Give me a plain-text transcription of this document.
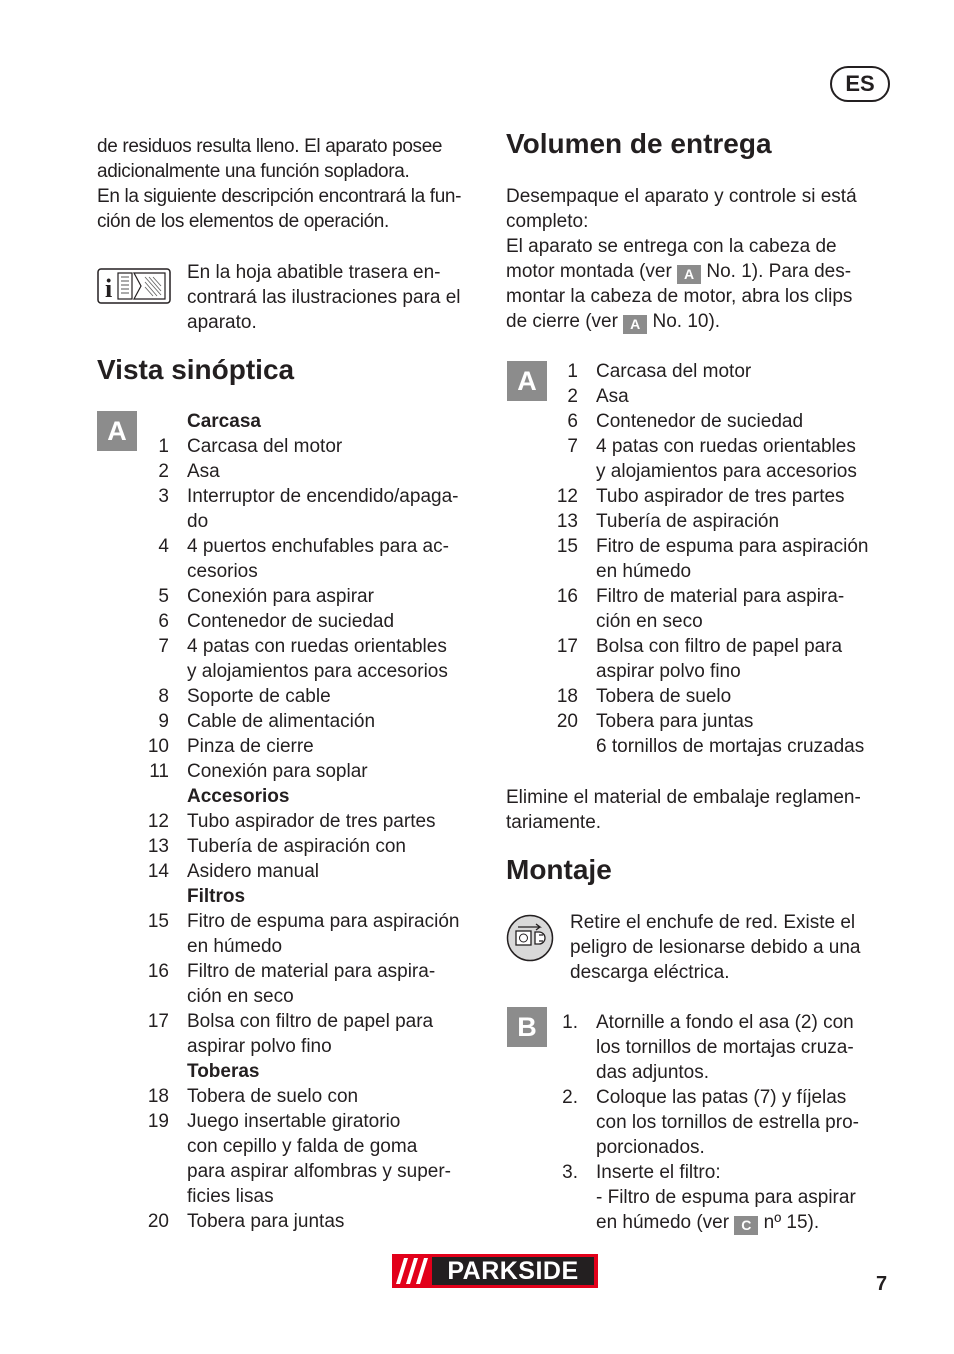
ES
de residuos resulta lleno. El aparato posee
adicionalmente una función sopladora.
En la siguiente descripción encontrará la fun-
ción de los elementos de operación.
i
En la hoja abatible trasera en-
contrará las ilustraciones para el
aparato.
Vista sinóptica
A	Carcasa
1 Carcasa del motor
2 Asa
3 Interruptor de encendido/apaga-
do
4 4 puertos enchufables para ac-
cesorios
5 Conexión para aspirar
6 Contenedor de suciedad
7 4 patas con ruedas orientables
y alojamientos para accesorios
8 Soporte de cable
9 Cable de alimentación
10 Pinza de cierre
11 Conexión para soplar
Accesorios
12 Tubo aspirador de tres partes
13 Tubería de aspiración con
14 Asidero manual
Filtros
15 Fitro de espuma para aspiración
en húmedo
16 Filtro de material para aspira-
ción en seco
17 Bolsa con filtro de papel para
aspirar polvo fino
Toberas
18 Tobera de suelo con
19 Juego insertable giratorio
con cepillo y falda de goma
para aspirar alfombras y super-
ficies lisas
20 Tobera para juntas
Volumen de entrega
Desempaque el aparato y controle si está
completo:
El aparato se entrega con la cabeza de
motor montada (ver A No. 1). Para des-
montar la cabeza de motor, abra los clips
de cierre (ver A No. 10).
A	1 Carcasa del motor
2 Asa
6 Contenedor de suciedad
7 4 patas con ruedas orientables
y alojamientos para accesorios
12 Tubo aspirador de tres partes
13 Tubería de aspiración
15 Fitro de espuma para aspiración
en húmedo
16 Filtro de material para aspira-
ción en seco
17 Bolsa con filtro de papel para
aspirar polvo fino
18 Tobera de suelo
20 Tobera para juntas
6 tornillos de mortajas cruzadas
Elimine el material de embalaje reglamen-
tariamente.
Montaje
Retire el enchufe de red. Existe el
peligro de lesionarse debido a una
descarga eléctrica.
B	1. Atornille a fondo el asa (2) con
los tornillos de mortajas cruza-
das adjuntos.
2. Coloque las patas (7) y fíjelas
con los tornillos de estrella pro-
porcionados.
3. Inserte el filtro:
- Filtro de espuma para aspirar
en húmedo (ver C nº 15).
PARKSIDE	7
